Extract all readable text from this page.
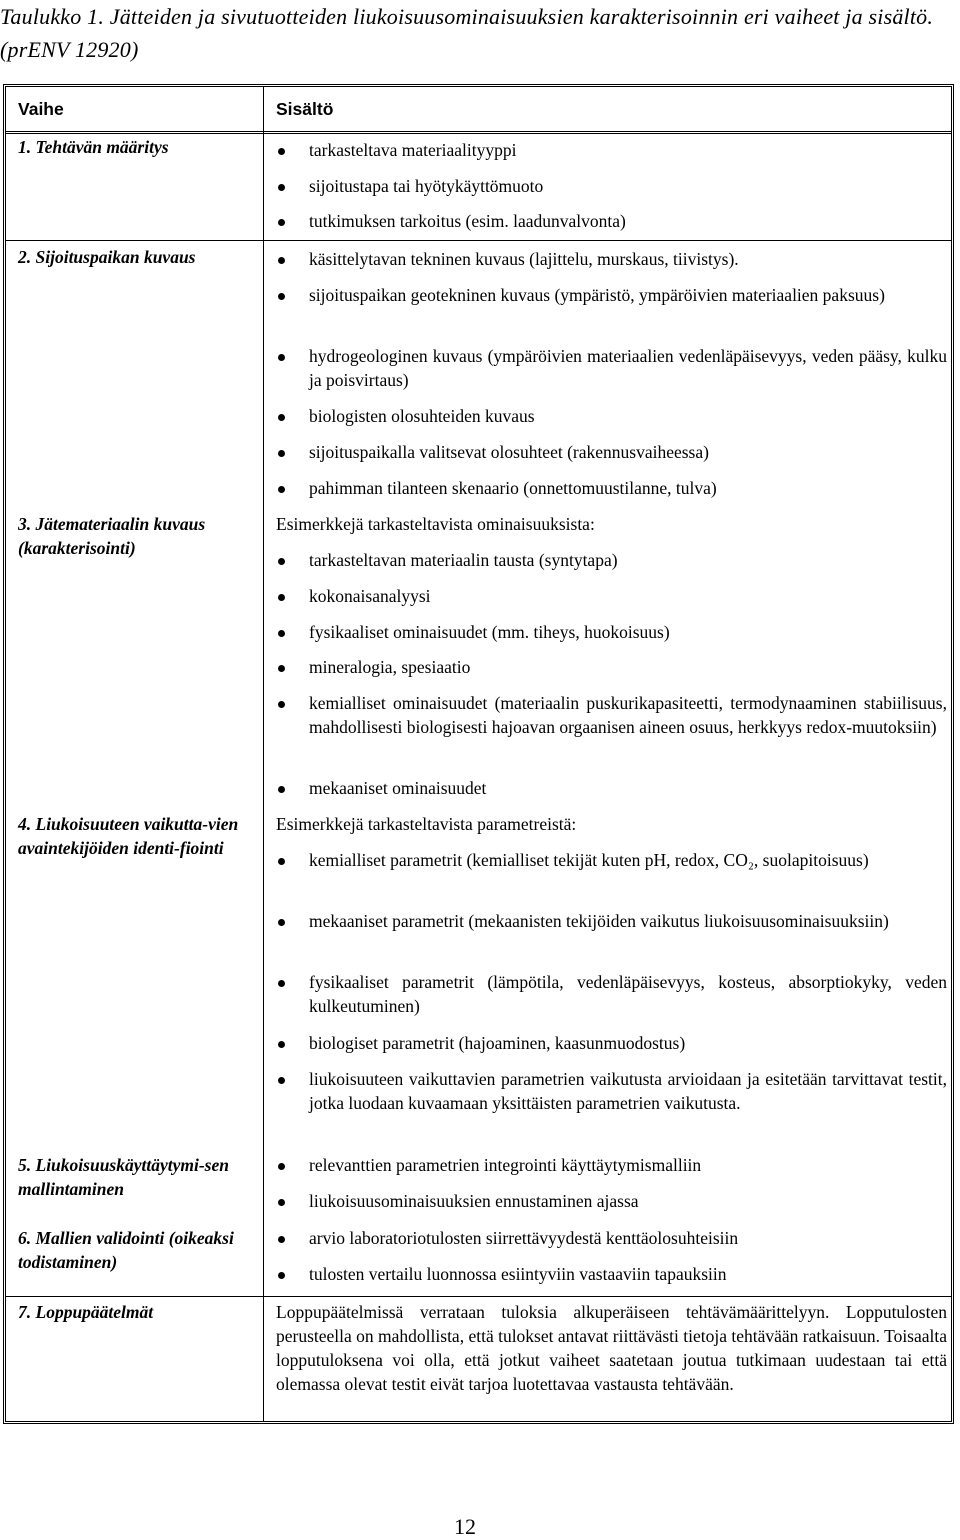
Taulukko 1. Jätteiden ja sivutuotteiden liukoisuusominaisuuksien karakterisoinnin eri vaiheet ja sisältö. (prENV 12920)
Vaihe	Sisältö
1. Tehtävän määritys
2. Sijoituspaikan kuvaus
3. Jätemateriaalin kuvaus (karakterisointi)
4. Liukoisuuteen vaikutta-vien avaintekijöiden identi-fiointi
5. Liukoisuuskäyttäytymi-sen mallintaminen
6. Mallien validointi (oikeaksi todistaminen)
7. Loppupäätelmät
tarkasteltava materiaalityyppi
sijoitustapa tai hyötykäyttömuoto
tutkimuksen tarkoitus (esim. laadunvalvonta)
käsittelytavan tekninen kuvaus (lajittelu, murskaus, tiivistys).
sijoituspaikan geotekninen kuvaus (ympäristö, ympäröivien materiaalien paksuus)
hydrogeologinen kuvaus (ympäröivien materiaalien vedenläpäisevyys, veden pääsy, kulku ja poisvirtaus)
biologisten olosuhteiden kuvaus
sijoituspaikalla valitsevat olosuhteet (rakennusvaiheessa)
pahimman tilanteen skenaario (onnettomuustilanne, tulva)
Esimerkkejä tarkasteltavista ominaisuuksista:
tarkasteltavan materiaalin tausta (syntytapa)
kokonaisanalyysi
fysikaaliset ominaisuudet (mm. tiheys, huokoisuus)
mineralogia, spesiaatio
kemialliset ominaisuudet (materiaalin puskurikapasiteetti, termodynaaminen stabiilisuus, mahdollisesti biologisesti hajoavan orgaanisen aineen osuus, herkkyys redox-muutoksiin)
mekaaniset ominaisuudet
Esimerkkejä tarkasteltavista parametreistä:
kemialliset parametrit (kemialliset tekijät kuten pH, redox, CO₂, suolapitoisuus)
mekaaniset parametrit (mekaanisten tekijöiden vaikutus liukoisuusominaisuuksiin)
fysikaaliset parametrit (lämpötila, vedenläpäisevyys, kosteus, absorptiokyky, veden kulkeutuminen)
biologiset parametrit (hajoaminen, kaasunmuodostus)
liukoisuuteen vaikuttavien parametrien vaikutusta arvioidaan ja esitetään tarvittavat testit, jotka luodaan kuvaamaan yksittäisten parametrien vaikutusta.
relevanttien parametrien integrointi käyttäytymismalliin
liukoisuusominaisuuksien ennustaminen ajassa
arvio laboratoriotulosten siirrettävyydestä kenttäolosuhteisiin
tulosten vertailu luonnossa esiintyviin vastaaviin tapauksiin
Loppupäätelmissä verrataan tuloksia alkuperäiseen tehtävämäärittelyyn. Lopputulosten perusteella on mahdollista, että tulokset antavat riittävästi tietoja tehtävään ratkaisuun. Toisaalta lopputuloksena voi olla, että jotkut vaiheet saatetaan joutua tutkimaan uudestaan tai että olemassa olevat testit eivät tarjoa luotettavaa vastausta tehtävään.
12
